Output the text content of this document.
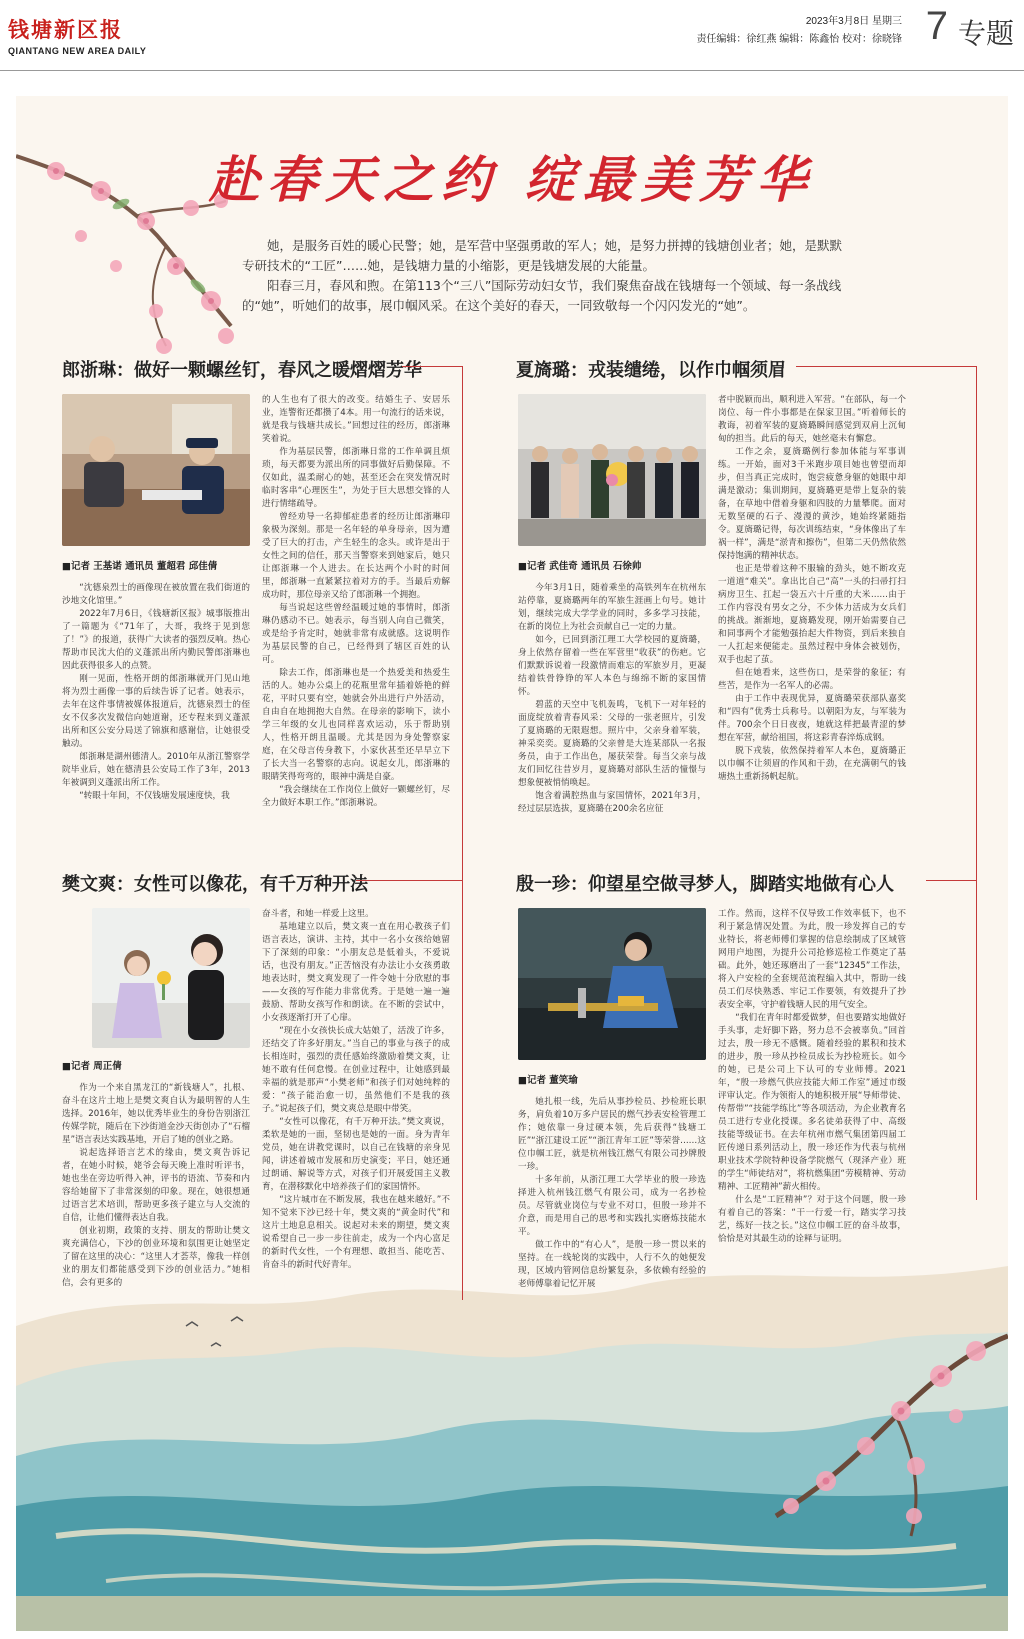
钱塘新区报
QIANTANG NEW AREA DAILY
2023年3月8日 星期三
责任编辑：徐红燕 编辑：陈鑫怡 校对：徐晓锋 7 专题
赴春天之约 绽最美芳华

她，是服务百姓的暖心民警；她，是军营中坚强勇敢的军人；她，是努力拼搏的钱塘创业者；她，是默默专研技术的“工匠”……她，是钱塘力量的小缩影，更是钱塘发展的大能量。

阳春三月，春风和煦。在第113个“三八”国际劳动妇女节，我们聚焦奋战在钱塘每一个领域、每一条战线的“她”，听她们的故事，展巾帼风采。在这个美好的春天，一同致敬每一个闪闪发光的“她”。

郎浙琳：做好一颗螺丝钉，春风之暖熠熠芳华
■记者 王基诺 通讯员 董超君 邱佳倩

“沈德泉烈士的画像现在被放置在我们街道的沙地文化馆里。”

2022年7月6日，《钱塘新区报》城事版推出了一篇题为《“71年了，大哥，我终于见到您了！”》的报道，获得广大读者的强烈反响。热心帮助市民沈大伯的义蓬派出所内勤民警郎浙琳也因此获得很多人的点赞。

刚一见面，性格开朗的郎浙琳就开门见山地将为烈士画像一事的后续告诉了记者。她表示，去年在这件事情被媒体报道后，沈德泉烈士的侄女不仅多次发微信向她道谢，还专程来到义蓬派出所和区公安分局送了锦旗和感谢信，让她很受触动。

郎浙琳是湖州德清人。2010年从浙江警察学院毕业后，她在德清县公安局工作了3年，2013年被调到义蓬派出所工作。

“转眼十年间，不仅钱塘发展速度快，我

的人生也有了很大的改变。结婚生子、安居乐业，连警衔还都攒了4本。用一句流行的话来说，就是我与钱塘共成长。”回想过往的经历，郎浙琳笑着说。

作为基层民警，郎浙琳日常的工作单调且烦琐，每天都要为派出所的同事做好后勤保障。不仅如此，温柔耐心的她，甚至还会在突发情况时临时客串“心理医生”，为处于巨大思想交锋的人进行情绪疏导。

曾经劝导一名抑郁症患者的经历让郎浙琳印象极为深刻。那是一名年轻的单身母亲，因为遭受了巨大的打击，产生轻生的念头。或许是出于女性之间的信任，那天当警察来到她家后，她只让郎浙琳一个人进去。在长达两个小时的时间里，郎浙琳一直紧紧拉着对方的手。当最后劝解成功时，那位母亲又给了郎浙琳一个拥抱。

每当说起这些曾经温暖过她的事情时，郎浙琳仍感动不已。她表示，每当别人向自己微笑，或是给予肯定时，她就非常有成就感。这说明作为基层民警的自己，已经得到了辖区百姓的认可。

除去工作，郎浙琳也是一个热爱美和热爱生活的人。她办公桌上的花瓶里常年插着娇艳的鲜花，平时只要有空，她就会外出进行户外活动，自由自在地拥抱大自然。在母亲的影响下，读小学三年级的女儿也同样喜欢运动，乐于帮助别人，性格开朗且温暖。尤其是因为身处警察家庭，在父母言传身教下，小家伙甚至还早早立下了长大当一名警察的志向。说起女儿，郎浙琳的眼睛笑得弯弯的，眼神中满是自豪。

“我会继续在工作岗位上做好一颗螺丝钉，尽全力做好本职工作。”郎浙琳说。

夏旖璐：戎装缱绻，以作巾帼须眉
■记者 武佳奇 通讯员 石徐帅

今年3月1日，随着乘坐的高铁列车在杭州东站停靠，夏旖璐两年的军旅生涯画上句号。她计划，继续完成大学学业的同时，多多学习技能，在新的岗位上为社会贡献自己一定的力量。

如今，已回到浙江理工大学校园的夏旖璐，身上依然存留着一些在军营里“收获”的伤疤。它们默默诉说着一段激情而难忘的军旅岁月，更凝结着铁骨铮铮的军人本色与绵绵不断的家国情怀。

碧蓝的天空中飞机轰鸣，飞机下一对年轻的面庞绽放着青春风采：父母的一张老照片，引发了夏旖璐的无限遐想。照片中，父亲身着军装，神采奕奕。夏旖璐的父亲曾是大连某部队一名报务员，由于工作出色，屡获荣誉。每当父亲与战友们回忆往昔岁月，夏旖璐对部队生活的憧憬与想象便被悄悄唤起。

饱含着满腔热血与家国情怀，2021年3月，经过层层选拔，夏旖璐在200余名应征

者中脱颖而出，顺利进入军营。“在部队，每一个岗位、每一件小事都是在保家卫国。”听着师长的教诲，初着军装的夏旖璐瞬间感觉到双肩上沉甸甸的担当。此后的每天，她丝毫未有懈怠。

工作之余，夏旖璐例行参加体能与军事训练。一开始，面对3千米跑步项目她也曾望而却步，但当真正完成时，饱尝疲惫身躯的她眼中却满是激动；集训期间，夏旖璐更是带上复杂的装备，在草地中借着身躯和四肢的力量攀爬。面对无数坚硬的石子、漫漫的黄沙，她始终紧随指令。夏旖璐记得，每次训练结束，“身体像出了车祸一样”，满是“淤青和擦伤”，但第二天仍然依然保持饱满的精神状态。

也正是带着这种不服输的劲头，她不断攻克一道道“难关”。拿出比自己“高”一头的扫帚打扫病房卫生、扛起一袋五六十斤重的大米……由于工作内容没有男女之分，不少体力活成为女兵们的挑战。渐渐地，夏旖璐发现，刚开始需要自己和同事两个才能勉强抬起大件物资，到后来独自一人扛起来便能走。虽然过程中身体会被划伤，双手也起了茧。

但在她看来，这些伤口，是荣誉的象征；有些苦，是作为一名军人的必需。

由于工作中表现优异，夏旖璐荣获部队嘉奖和“四有”优秀士兵称号。以朝阳为友，与军装为伴。700余个日日夜夜，她就这样把最青涩的梦想在军营，献给祖国，将这彩青春淬炼成钢。

脱下戎装，依然保持着军人本色，夏旖璐正以巾帼不让须眉的作风和干劲，在充满朝气的钱塘热土重新扬帆起航。

樊文爽：女性可以像花，有千万种开法
■记者 周正倩

作为一个来自黑龙江的“新钱塘人”，扎根、奋斗在这片土地上是樊文爽自认为最明智的人生选择。2016年，她以优秀毕业生的身份告别浙江传媒学院，随后在下沙街道金沙天街创办了“石榴星”语言表达实践基地，开启了她的创业之路。

说起选择语言艺术的缘由，樊文爽告诉记者，在她小时候，姥爷会每天晚上准时听评书，她也坐在旁边听得入神，评书的语流、节奏和内容给她留下了非常深刻的印象。现在，她很想通过语言艺术培训，帮助更多孩子建立与人交流的自信，让他们懂得表达自我。

创业初期，政策的支持、朋友的帮助让樊文爽充满信心，下沙的创业环境和氛围更让她坚定了留在这里的决心：“这里人才荟萃，像我一样创业的朋友们都能感受到下沙的创业活力。”她相信，会有更多的

奋斗者，和她一样爱上这里。

基地建立以后，樊文爽一直在用心教孩子们语言表达，演讲、主持，其中一名小女孩给她留下了深刻的印象：“小朋友总是低着头，不爱说话，也没有朋友。”正苦恼没有办法让小女孩勇敢地表达时，樊文爽发现了一件令她十分欣慰的事——女孩的写作能力非常优秀。于是她一遍一遍鼓励、帮助女孩写作和朗读。在不断的尝试中，小女孩逐渐打开了心扉。

“现在小女孩快长成大姑娘了，活泼了许多，还结交了许多好朋友。”当自己的事业与孩子的成长相连时，强烈的责任感始终激励着樊文爽，让她不敢有任何怠慢。在创业过程中，让她感到最幸福的就是那声“小樊老师”和孩子们对她纯粹的爱：“孩子能治愈一切，虽然他们不是我的孩子。”说起孩子们，樊文爽总是眼中带笑。

“女性可以像花，有千万种开法。”樊文爽说，柔软是她的一面，坚韧也是她的一面。身为青年党员，她在讲教党课时，以自己在钱塘的亲身见闻，讲述着城市发展和历史演变；平日，她还通过朗诵、解说等方式，对孩子们开展爱国主义教育，在潜移默化中培养孩子们的家国情怀。

“这片城市在不断发展，我也在越来越好。”不知不觉来下沙已经十年，樊文爽的“黄金时代”和这片土地息息相关。说起对未来的期望，樊文爽说希望自己一步一步往前走，成为一个内心富足的新时代女性，一个有理想、敢担当、能吃苦、肯奋斗的新时代好青年。

殷一珍：仰望星空做寻梦人，脚踏实地做有心人
■记者 董笑瑜

她扎根一线，先后从事抄检员、抄检班长职务，肩负着10万多户居民的燃气抄表安检管理工作；她依靠一身过硬本领，先后获得“钱塘工匠”“浙江建设工匠”“浙江青年工匠”等荣誉……这位巾帼工匠，就是杭州钱江燃气有限公司抄牌殷一珍。

十多年前，从浙江理工大学毕业的殷一珍选择进入杭州钱江燃气有限公司，成为一名抄检员。尽管就业岗位与专业不对口，但殷一珍并不介意，而是用自己的思考和实践扎实磨炼技能水平。

做工作中的“有心人”，是殷一珍一贯以来的坚持。在一线轮岗的实践中，人行不久的她便发现，区域内管网信息纷繁复杂，多依赖有经验的老师傅靠着记忆开展

工作。然而，这样不仅导致工作效率低下，也不利于紧急情况处置。为此，殷一珍发挥自己的专业特长，将老师傅们掌握的信息绘制成了区域管网用户地图，为提升公司抢修巡检工作奠定了基础。此外，她还琢磨出了一套“12345”工作法，将入户安检的全套规范流程编入其中，帮助一线员工们尽快熟悉、牢记工作要领，有效提升了抄表安全率，守护着钱塘人民的用气安全。

“我们在青年时都爱做梦，但也要踏实地做好手头事，走好脚下路，努力总不会被辜负。”回首过去，殷一珍无不感慨。随着经验的累积和技术的进步，殷一珍从抄检员成长为抄检班长。如今的她，已是公司上下认可的专业师傅。2021年，“殷一珍燃气供应技能大师工作室”通过市级评审认定。作为领衔人的她积极开展“导师带徒、传帮带”“技能学练比”等各项活动，为企业教育名员工进行专业化授课。多名徒弟获得了中、高级技能等级证书。在去年杭州市燃气集团第四届工匠传递日系列活动上，殷一珍还作为代表与杭州职业技术学院特种设备学院燃气（现泽产业）班的学生“师徒结对”，将杭燃集团“劳模精神、劳动精神、工匠精神”薪火相传。

什么是“工匠精神”？对于这个问题，殷一珍有着自己的答案：“干一行爱一行，踏实学习技艺，练好一技之长。”这位巾帼工匠的奋斗故事，恰恰是对其最生动的诠释与证明。
